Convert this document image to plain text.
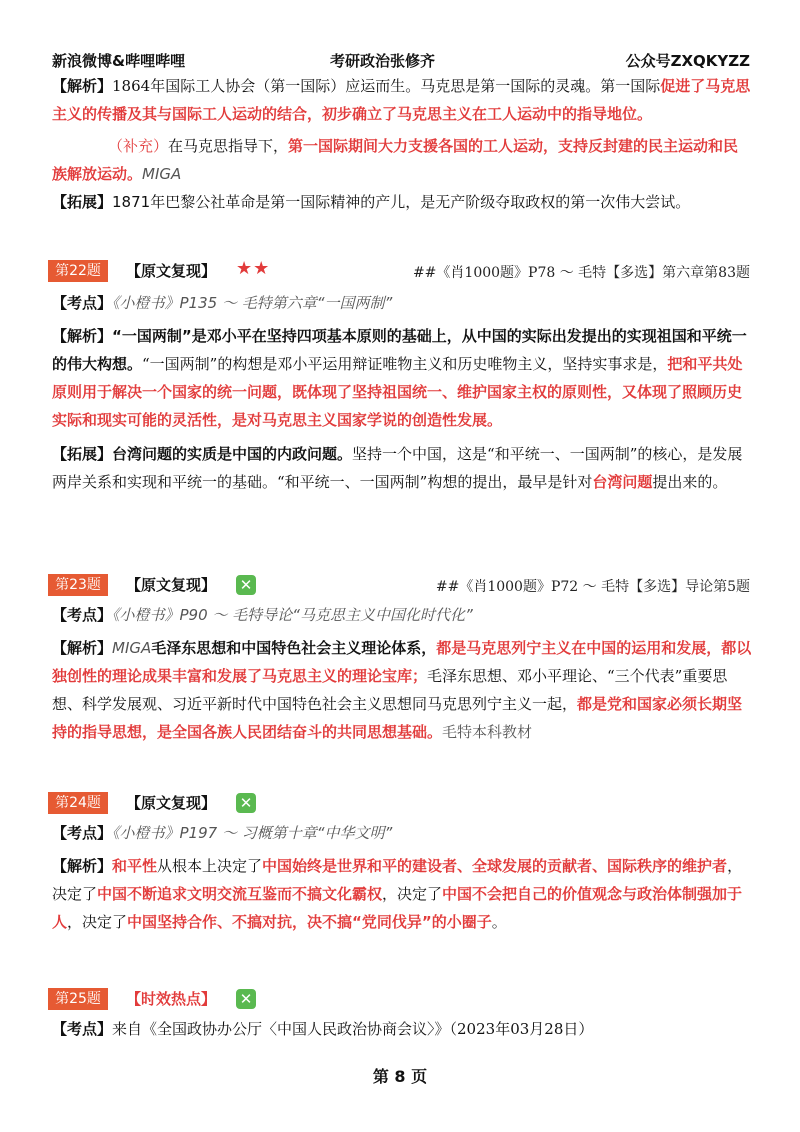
新浪微博&哔哩哔哩	考研政治张修齐	公众号ZXQKYZZ
【解析】1864年国际工人协会（第一国际）应运而生。马克思是第一国际的灵魂。第一国际促进了马克思主义的传播及其与国际工人运动的结合，初步确立了马克思主义在工人运动中的指导地位。
（补充）在马克思指导下，第一国际期间大力支援各国的工人运动，支持反封建的民主运动和民族解放运动。MIGA
【拓展】1871年巴黎公社革命是第一国际精神的产儿，是无产阶级夺取政权的第一次伟大尝试。
第22题	【原文复现】 ★★	##《肖1000题》P78 ～ 毛特【多选】第六章第83题
【考点】《小橙书》P135 ～ 毛特第六章“一国两制”
【解析】“一国两制”是邓小平在坚持四项基本原则的基础上，从中国的实际出发提出的实现祖国和平统一的伟大构想。“一国两制”的构想是邓小平运用辩证唯物主义和历史唯物主义，坚持实事求是，把和平共处原则用于解决一个国家的统一问题，既体现了坚持祖国统一、维护国家主权的原则性，又体现了照顾历史实际和现实可能的灵活性，是对马克思主义国家学说的创造性发展。
【拓展】台湾问题的实质是中国的内政问题。坚持一个中国，这是“和平统一、一国两制”的核心，是发展两岸关系和实现和平统一的基础。“和平统一、一国两制”构想的提出，最早是针对台湾问题提出来的。
第23题	【原文复现】 ✕	##《肖1000题》P72 ～ 毛特【多选】导论第5题
【考点】《小橙书》P90 ～ 毛特导论“马克思主义中国化时代化”
【解析】MIGA毛泽东思想和中国特色社会主义理论体系，都是马克思列宁主义在中国的运用和发展，都以独创性的理论成果丰富和发展了马克思主义的理论宝库；毛泽东思想、邓小平理论、“三个代表”重要思想、科学发展观、习近平新时代中国特色社会主义思想同马克思列宁主义一起，都是党和国家必须长期坚持的指导思想，是全国各族人民团结奋斗的共同思想基础。毛特本科教材
第24题	【原文复现】 ✕
【考点】《小橙书》P197 ～ 习概第十章“中华文明”
【解析】和平性从根本上决定了中国始终是世界和平的建设者、全球发展的贡献者、国际秩序的维护者，决定了中国不断追求文明交流互鉴而不搞文化霸权，决定了中国不会把自己的价值观念与政治体制强加于人，决定了中国坚持合作、不搞对抗，决不搞“党同伐异”的小圈子。
第25题	【时效热点】 ✕
【考点】来自《全国政协办公厅〈中国人民政治协商会议〉》（2023年03月28日）
第 8 页
